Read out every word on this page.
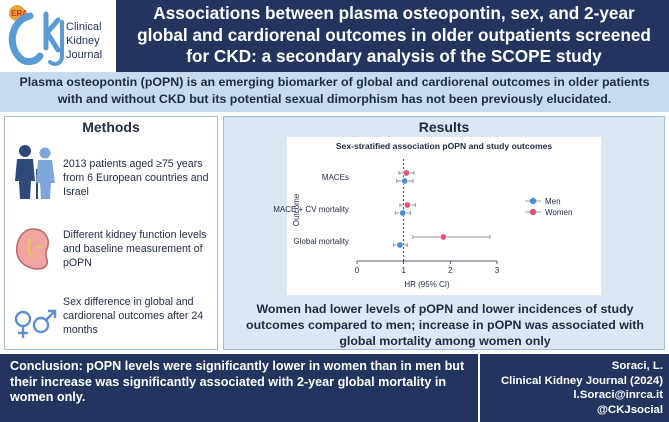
ERA
Clinical
Kidney
Journal
Associations between plasma osteopontin, sex, and 2-year global and cardiorenal outcomes in older outpatients screened for CKD: a secondary analysis of the SCOPE study
Plasma osteopontin (pOPN) is an emerging biomarker of global and cardiorenal outcomes in older patients with and without CKD but its potential sexual dimorphism has not been previously elucidated.
Methods
2013 patients aged ≥75 years from 6 European countries and Israel
Different kidney function levels and baseline measurement of pOPN
Sex difference in global and cardiorenal outcomes after 24 months
Results
Sex-stratified association pOPN and study outcomes
Outcome
HR (95% CI)
0	1	2	3
MACEs
MACE + CV mortality
Global mortality
Men
Women
Women had lower levels of pOPN and lower incidences of study outcomes compared to men; increase in pOPN was associated with global mortality among women only
Conclusion: pOPN levels were significantly lower in women than in men but their increase was significantly associated with 2-year global mortality in women only.
Soraci, L.
Clinical Kidney Journal (2024)
l.Soraci@inrca.it
@CKJsocial
